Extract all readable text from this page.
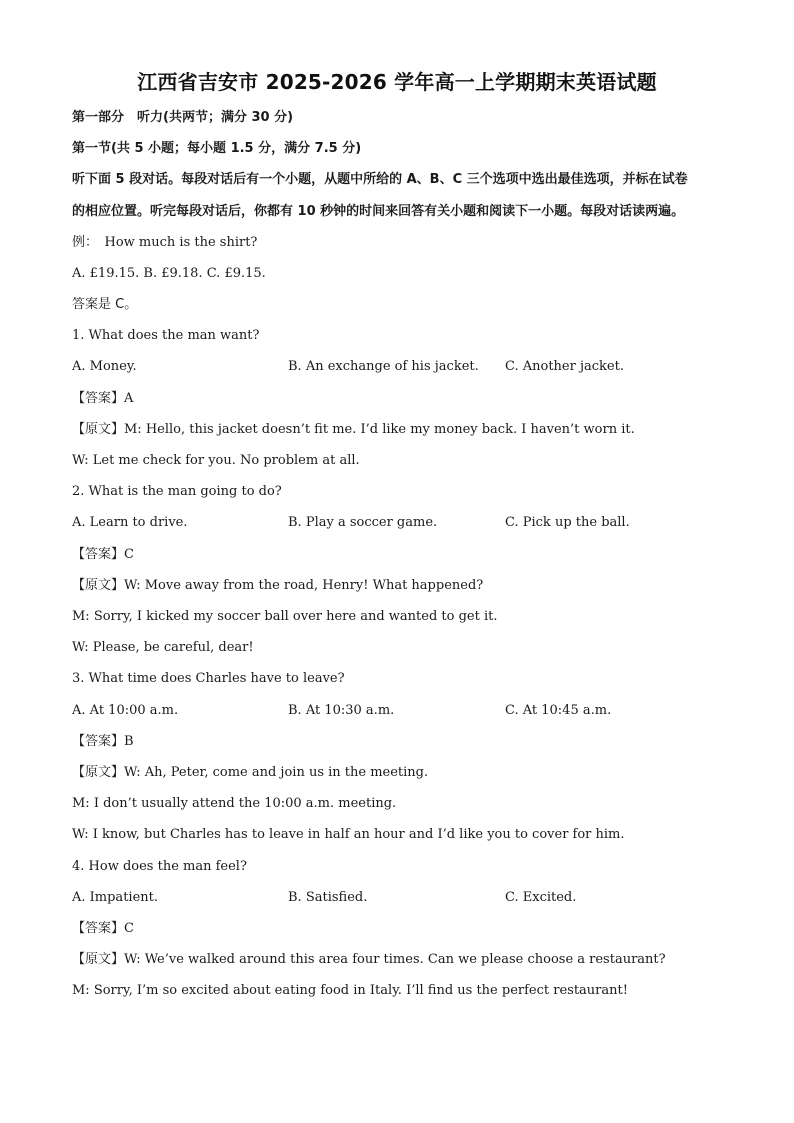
江西省吉安市 2025-2026 学年高一上学期期末英语试题
第一部分　听力(共两节；满分 30 分)
第一节(共 5 小题；每小题 1.5 分，满分 7.5 分)
听下面 5 段对话。每段对话后有一个小题，从题中所给的 A、B、C 三个选项中选出最佳选项，并标在试卷
的相应位置。听完每段对话后，你都有 10 秒钟的时间来回答有关小题和阅读下一小题。每段对话读两遍。
例：　How much is the shirt?
A. £19.15. B. £9.18. C. £9.15.
答案是 C。
1. What does the man want?
A. Money.	B. An exchange of his jacket. C. Another jacket.
【答案】A
【原文】M: Hello, this jacket doesn’t fit me. I’d like my money back. I haven’t worn it.
W: Let me check for you. No problem at all.
2. What is the man going to do?
A. Learn to drive.	B. Play a soccer game.	C. Pick up the ball.
【答案】C
【原文】W: Move away from the road, Henry! What happened?
M: Sorry, I kicked my soccer ball over here and wanted to get it.
W: Please, be careful, dear!
3. What time does Charles have to leave?
A. At 10:00 a.m.	B. At 10:30 a.m.	C. At 10:45 a.m.
【答案】B
【原文】W: Ah, Peter, come and join us in the meeting.
M: I don’t usually attend the 10:00 a.m. meeting.
W: I know, but Charles has to leave in half an hour and I’d like you to cover for him.
4. How does the man feel?
A. Impatient.	B. Satisfied.	C. Excited.
【答案】C
【原文】W: We’ve walked around this area four times. Can we please choose a restaurant?
M: Sorry, I’m so excited about eating food in Italy. I’ll find us the perfect restaurant!
